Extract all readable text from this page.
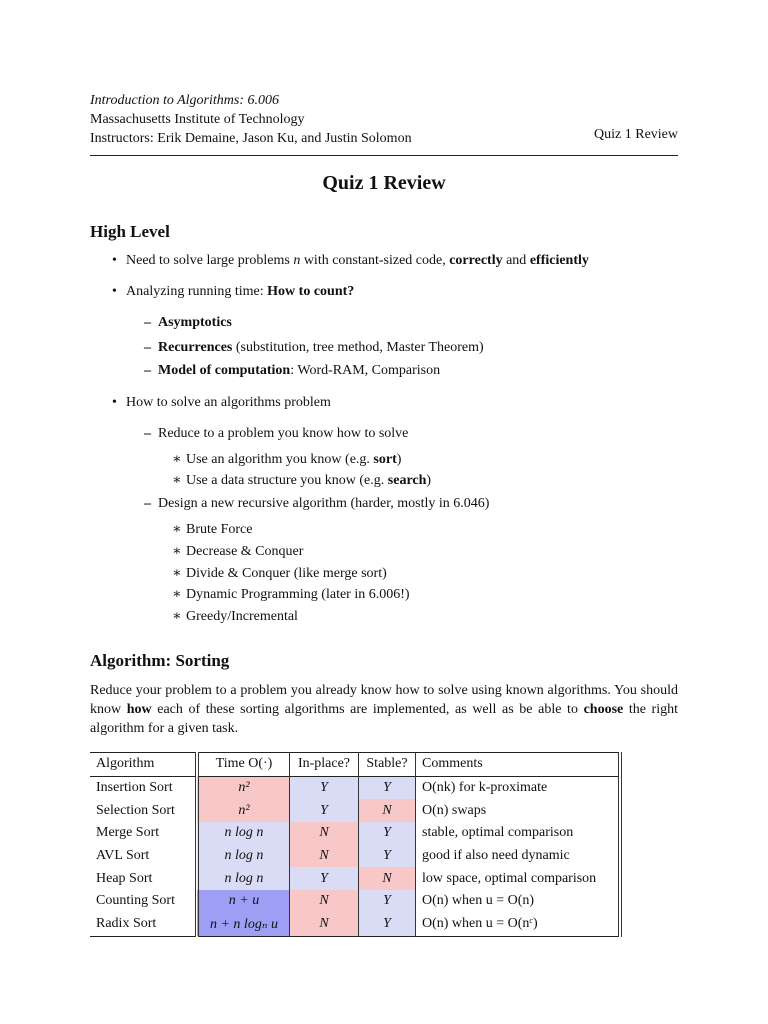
Introduction to Algorithms: 6.006
Massachusetts Institute of Technology
Instructors: Erik Demaine, Jason Ku, and Justin Solomon	Quiz 1 Review
Quiz 1 Review
High Level
• Need to solve large problems n with constant-sized code, correctly and efficiently
• Analyzing running time: How to count?
– Asymptotics
– Recurrences (substitution, tree method, Master Theorem)
– Model of computation: Word-RAM, Comparison
• How to solve an algorithms problem
– Reduce to a problem you know how to solve
∗ Use an algorithm you know (e.g. sort)
∗ Use a data structure you know (e.g. search)
– Design a new recursive algorithm (harder, mostly in 6.046)
∗ Brute Force
∗ Decrease & Conquer
∗ Divide & Conquer (like merge sort)
∗ Dynamic Programming (later in 6.006!)
∗ Greedy/Incremental
Algorithm: Sorting
Reduce your problem to a problem you already know how to solve using known algorithms. You should know how each of these sorting algorithms are implemented, as well as be able to choose the right algorithm for a given task.
Algorithm	Time O(·)	In-place?	Stable?	Comments
Insertion Sort	n²	Y	Y	O(nk) for k-proximate
Selection Sort	n²	Y	N	O(n) swaps
Merge Sort	n log n	N	Y	stable, optimal comparison
AVL Sort	n log n	N	Y	good if also need dynamic
Heap Sort	n log n	Y	N	low space, optimal comparison
Counting Sort	n + u	N	Y	O(n) when u = O(n)
Radix Sort	n + n logₙ u	N	Y	O(n) when u = O(nᶜ)
